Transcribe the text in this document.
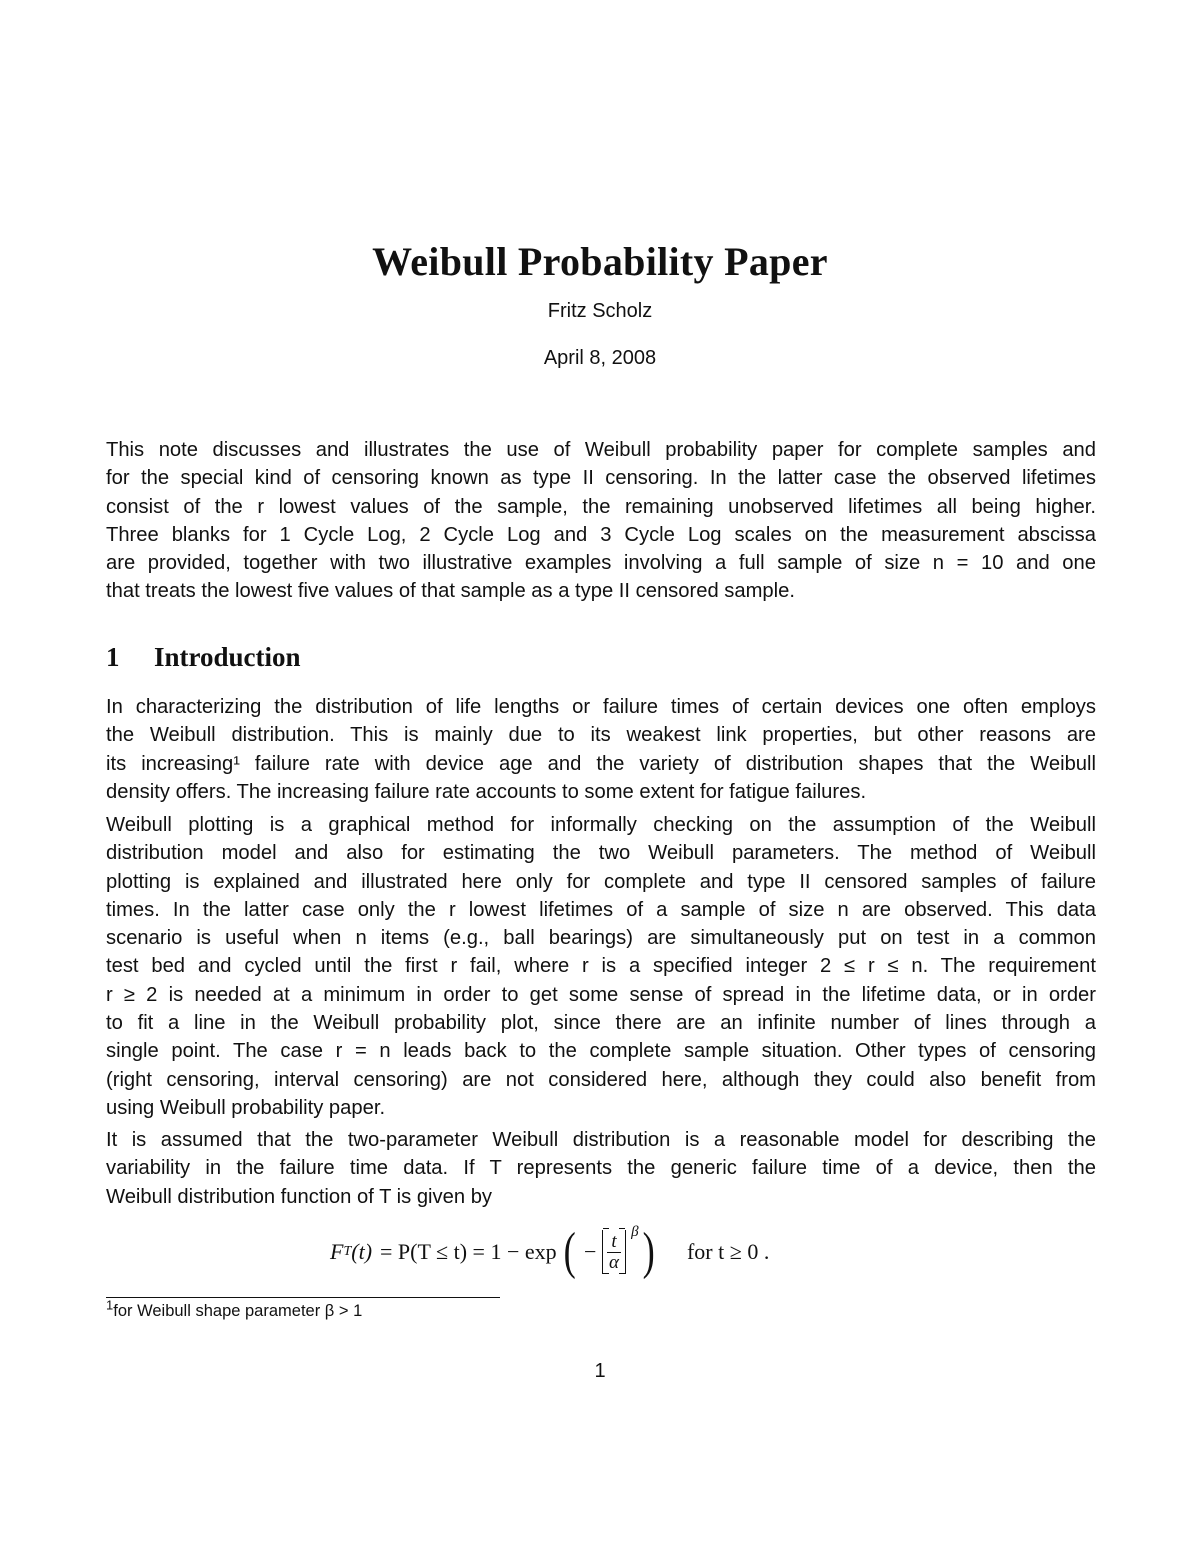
Weibull Probability Paper
Fritz Scholz
April 8, 2008
This note discusses and illustrates the use of Weibull probability paper for complete samples and
for the special kind of censoring known as type II censoring. In the latter case the observed lifetimes
consist of the r lowest values of the sample, the remaining unobserved lifetimes all being higher.
Three blanks for 1 Cycle Log, 2 Cycle Log and 3 Cycle Log scales on the measurement abscissa
are provided, together with two illustrative examples involving a full sample of size n = 10 and one
that treats the lowest five values of that sample as a type II censored sample.
1 Introduction
In characterizing the distribution of life lengths or failure times of certain devices one often employs
the Weibull distribution. This is mainly due to its weakest link properties, but other reasons are
its increasing¹ failure rate with device age and the variety of distribution shapes that the Weibull
density offers. The increasing failure rate accounts to some extent for fatigue failures.
Weibull plotting is a graphical method for informally checking on the assumption of the Weibull
distribution model and also for estimating the two Weibull parameters. The method of Weibull
plotting is explained and illustrated here only for complete and type II censored samples of failure
times. In the latter case only the r lowest lifetimes of a sample of size n are observed. This data
scenario is useful when n items (e.g., ball bearings) are simultaneously put on test in a common
test bed and cycled until the first r fail, where r is a specified integer 2 ≤ r ≤ n. The requirement
r ≥ 2 is needed at a minimum in order to get some sense of spread in the lifetime data, or in order
to fit a line in the Weibull probability plot, since there are an infinite number of lines through a
single point. The case r = n leads back to the complete sample situation. Other types of censoring
(right censoring, interval censoring) are not considered here, although they could also benefit from
using Weibull probability paper.
It is assumed that the two-parameter Weibull distribution is a reasonable model for describing the
variability in the failure time data. If T represents the generic failure time of a device, then the
Weibull distribution function of T is given by
F T (t) = P(T ≤ t) = 1 − exp ( − $\frac{t}{\alpha}$ β ) for t ≥ 0 .
$^1$for Weibull shape parameter β > 1
1
